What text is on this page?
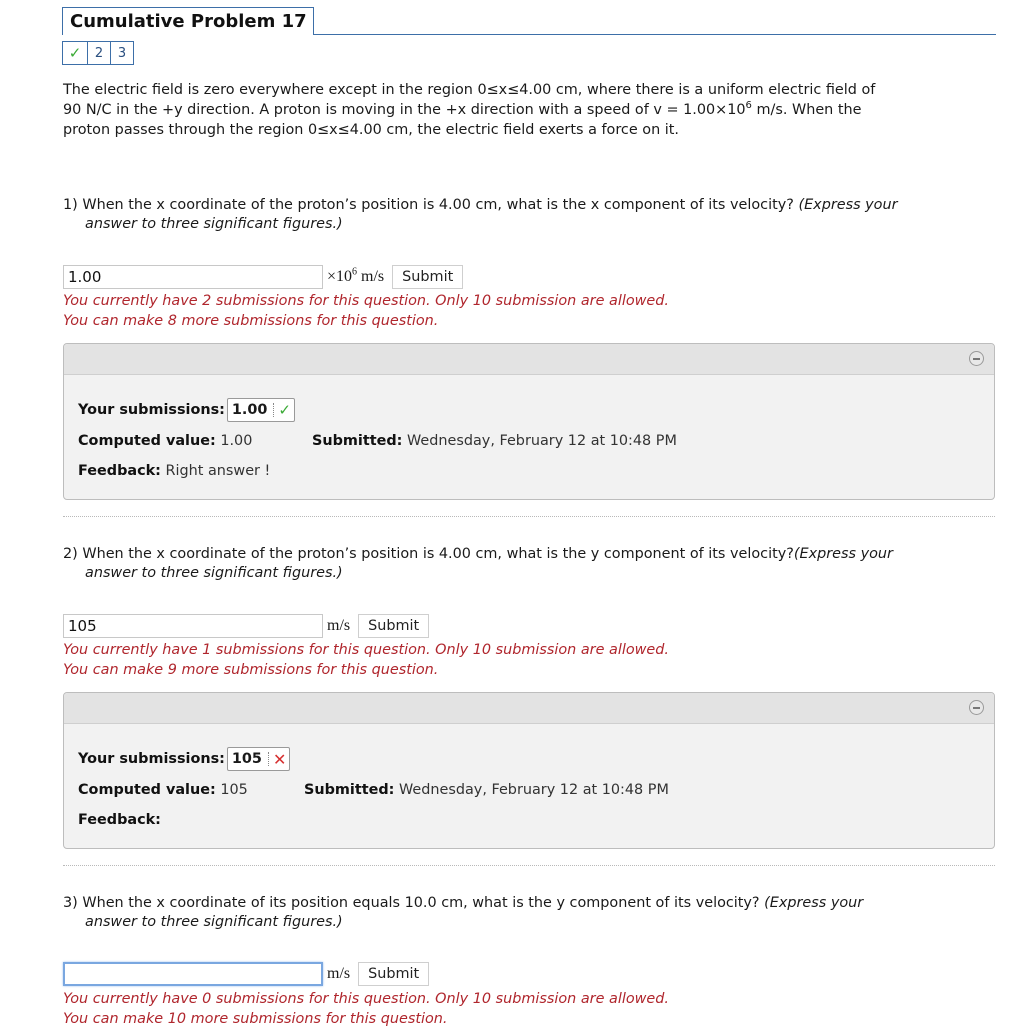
Cumulative Problem 17
✓	2	3
The electric field is zero everywhere except in the region 0≤x≤4.00 cm, where there is a uniform electric field of
90 N/C in the +y direction. A proton is moving in the +x direction with a speed of $v = 1.00\times 10^6$ m/s. When the
proton passes through the region 0≤x≤4.00 cm, the electric field exerts a force on it.
1) When the x coordinate of the proton’s position is 4.00 cm, what is the x component of its velocity? (Express your
answer to three significant figures.)
1.00
$\times 10^6$ m/s	Submit
You currently have 2 submissions for this question. Only 10 submission are allowed.
You can make 8 more submissions for this question.
Your submissions: 1.00 ✓
Computed value: 1.00	Submitted: Wednesday, February 12 at 10:48 PM
Feedback: Right answer !
2) When the x coordinate of the proton’s position is 4.00 cm, what is the y component of its velocity?(Express your
answer to three significant figures.)
105
m/s	Submit
You currently have 1 submissions for this question. Only 10 submission are allowed.
You can make 9 more submissions for this question.
Your submissions: 105 ✕
Computed value: 105	Submitted: Wednesday, February 12 at 10:48 PM
Feedback:
3) When the x coordinate of its position equals 10.0 cm, what is the y component of its velocity? (Express your
answer to three significant figures.)
m/s	Submit
You currently have 0 submissions for this question. Only 10 submission are allowed.
You can make 10 more submissions for this question.
